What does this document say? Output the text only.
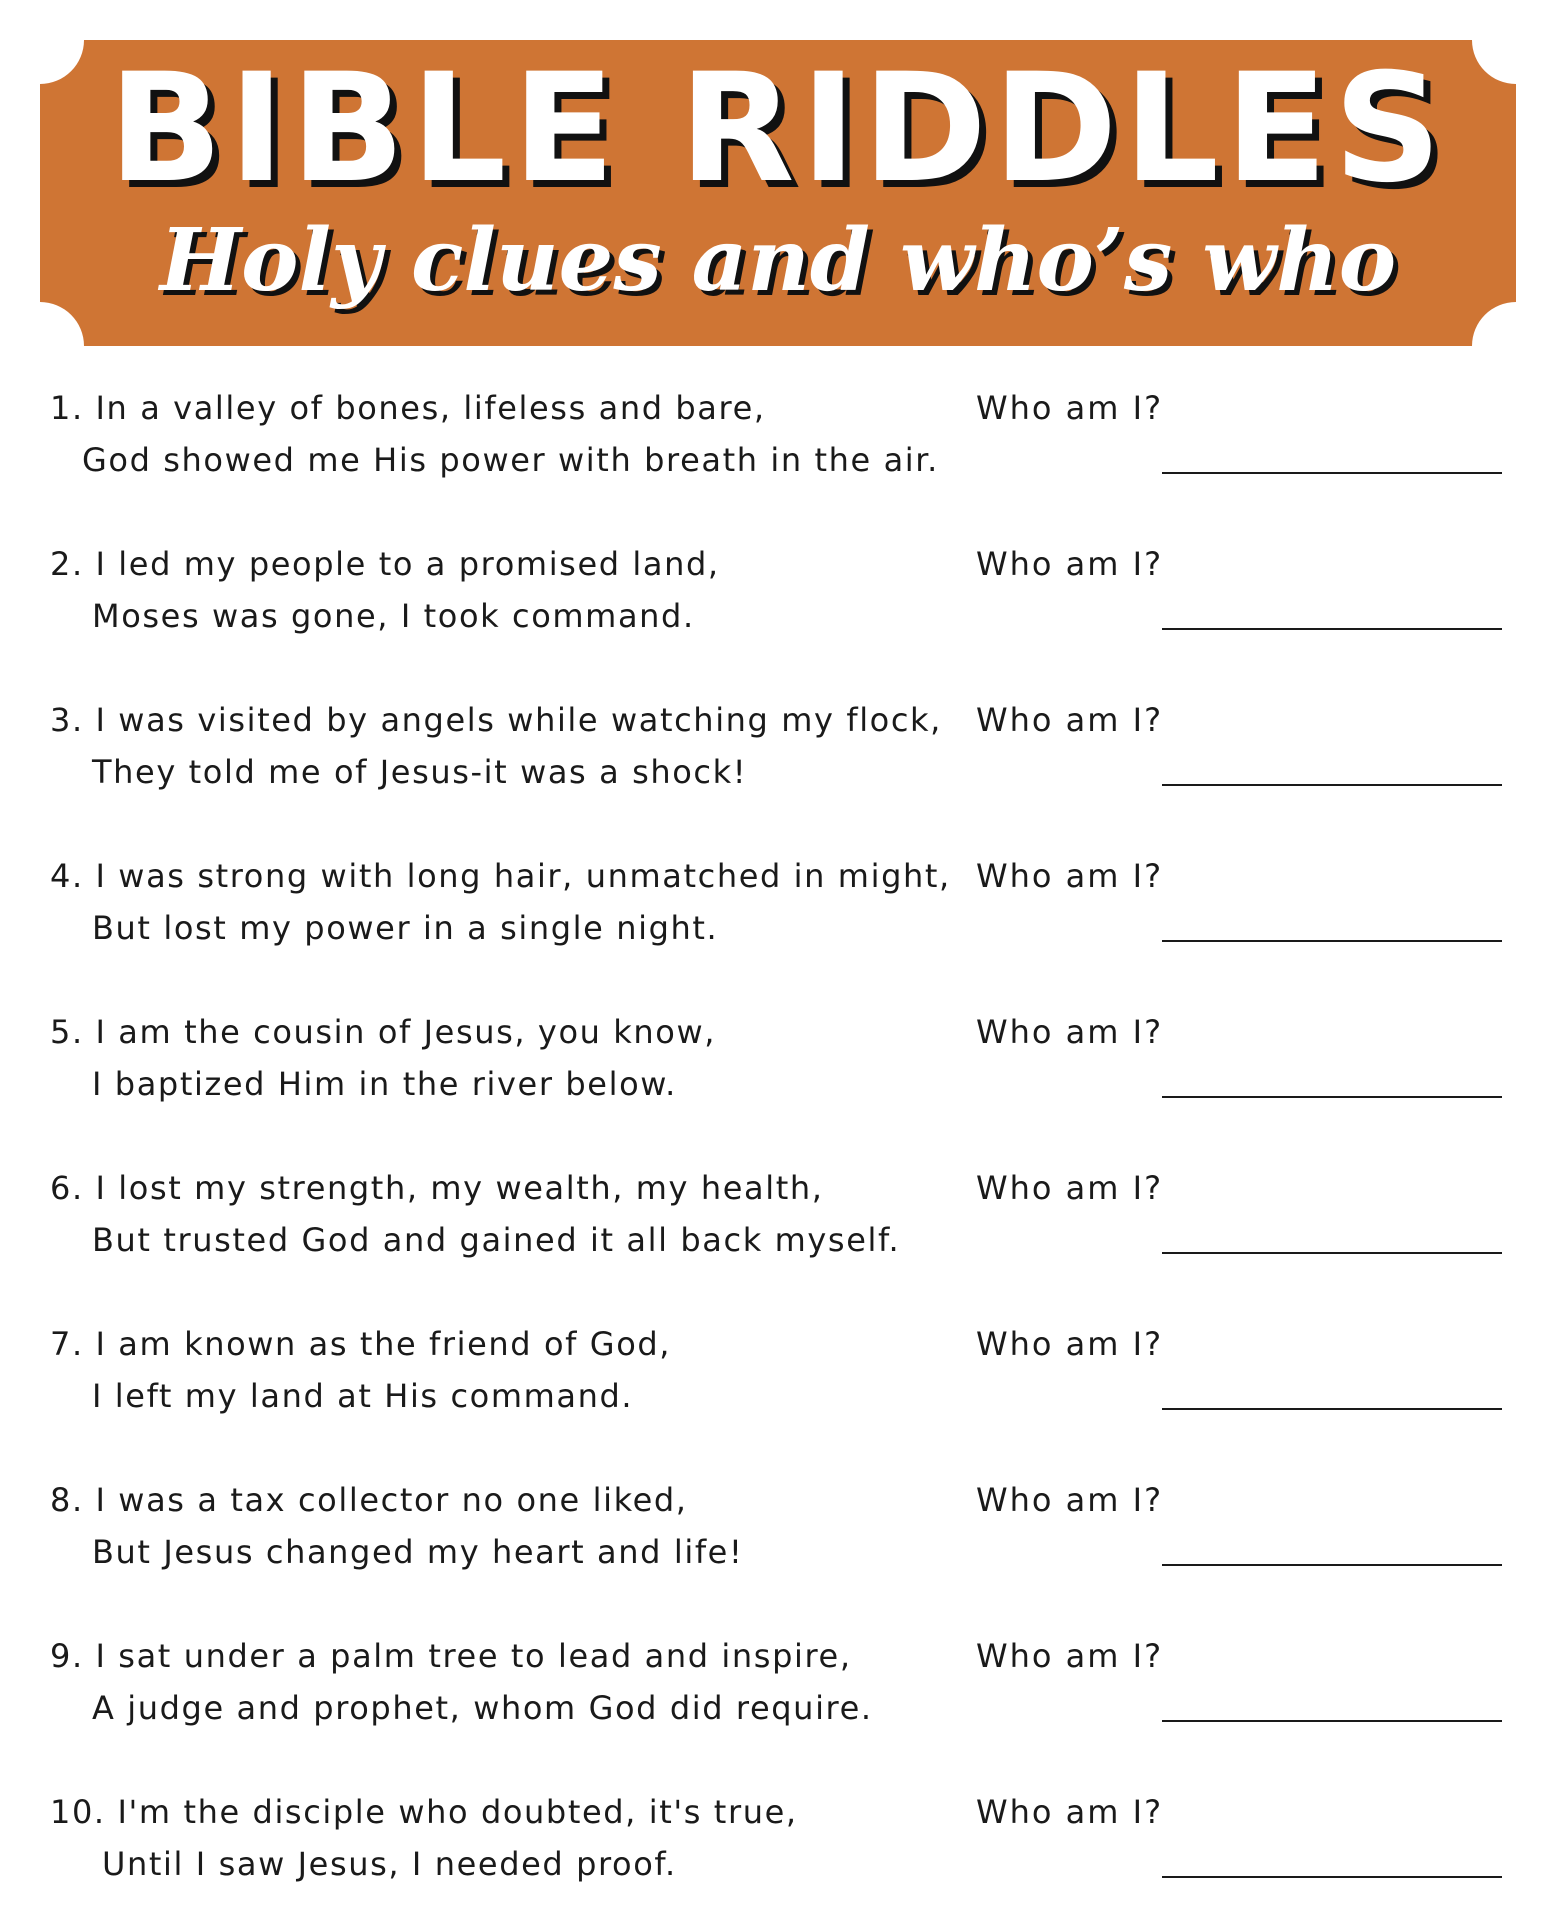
BIBLE RIDDLES
Holy clues and who’s who
1. In a valley of bones, lifeless and bare,
God showed me His power with breath in the air.
Who am I?
2. I led my people to a promised land,
Moses was gone, I took command.
Who am I?
3. I was visited by angels while watching my flock,
They told me of Jesus-it was a shock!
Who am I?
4. I was strong with long hair, unmatched in might,
But lost my power in a single night.
Who am I?
5. I am the cousin of Jesus, you know,
I baptized Him in the river below.
Who am I?
6. I lost my strength, my wealth, my health,
But trusted God and gained it all back myself.
Who am I?
7. I am known as the friend of God,
I left my land at His command.
Who am I?
8. I was a tax collector no one liked,
But Jesus changed my heart and life!
Who am I?
9. I sat under a palm tree to lead and inspire,
A judge and prophet, whom God did require.
Who am I?
10. I'm the disciple who doubted, it's true,
Until I saw Jesus, I needed proof.
Who am I?
